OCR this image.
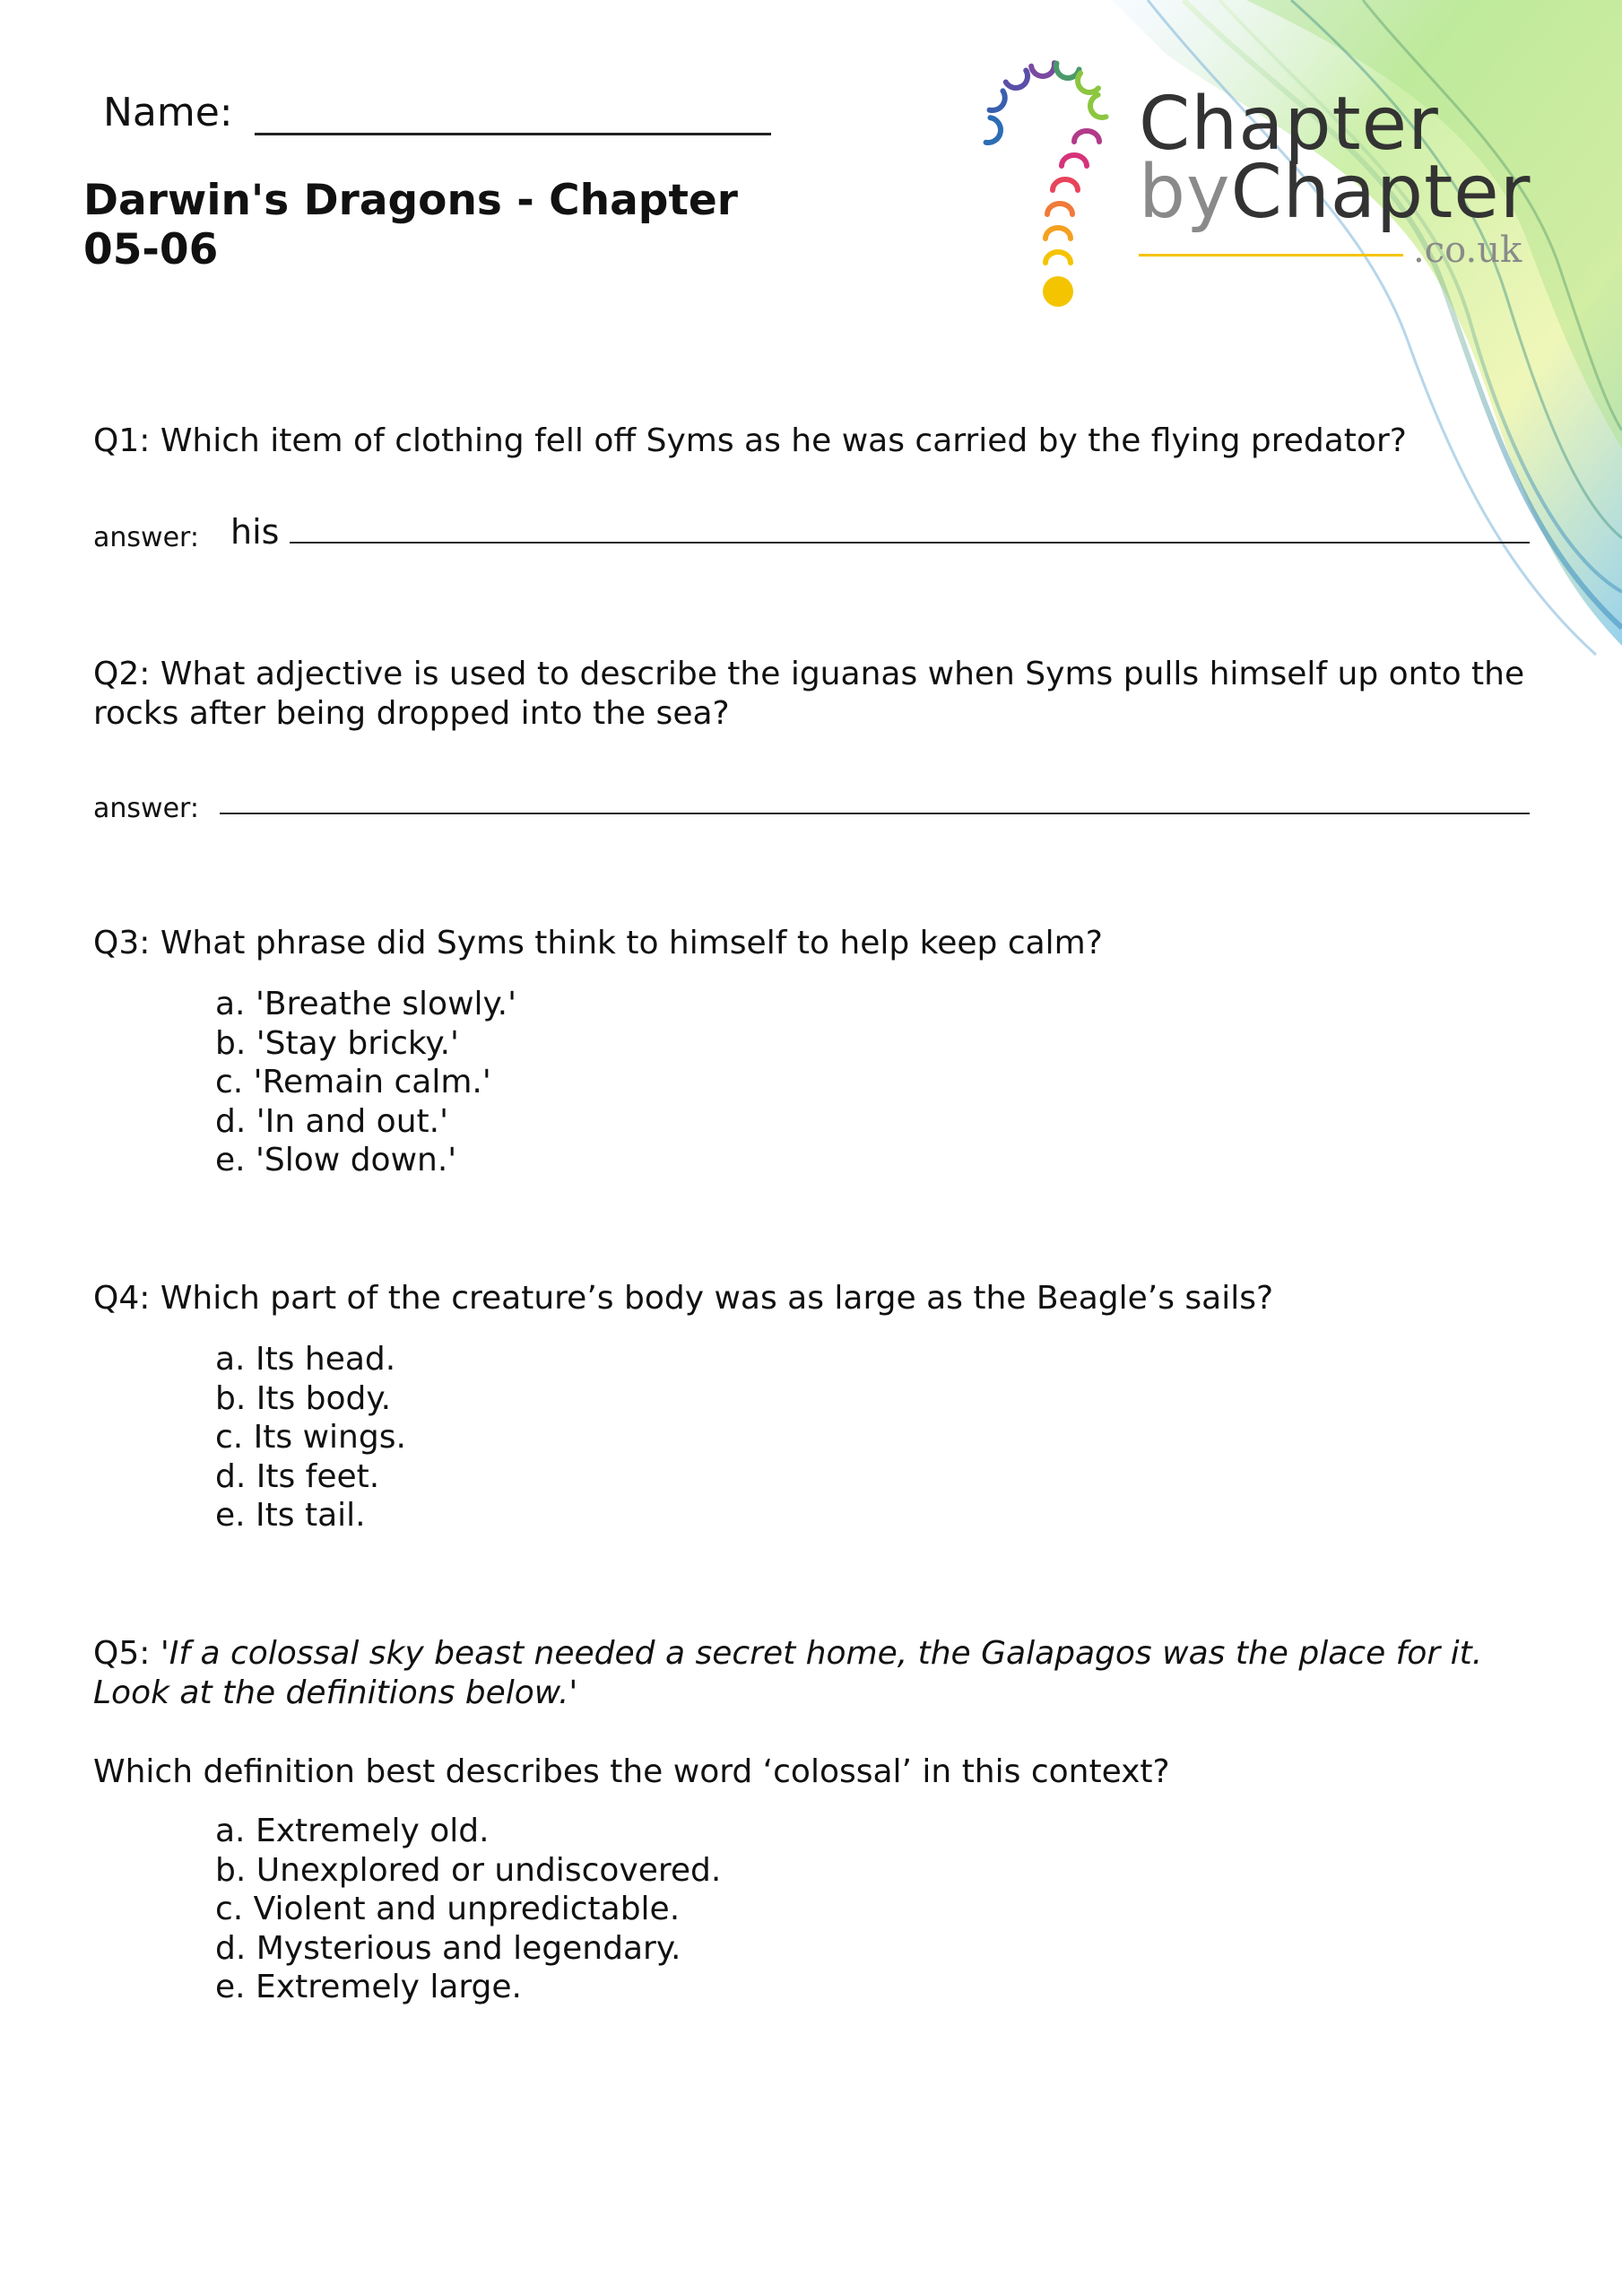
Chapter
byChapter
.co.uk
Name:
Darwin's Dragons - Chapter 05-06
Q1: Which item of clothing fell off Syms as he was carried by the flying predator?
answer: his
Q2: What adjective is used to describe the iguanas when Syms pulls himself up onto the rocks after being dropped into the sea?
answer:
Q3: What phrase did Syms think to himself to help keep calm?
a. 'Breathe slowly.'
b. 'Stay bricky.'
c. 'Remain calm.'
d. 'In and out.'
e. 'Slow down.'
Q4: Which part of the creature’s body was as large as the Beagle’s sails?
a. Its head.
b. Its body.
c. Its wings.
d. Its feet.
e. Its tail.
Q5: 'If a colossal sky beast needed a secret home, the Galapagos was the place for it. Look at the definitions below.'
Which definition best describes the word ‘colossal’ in this context?
a. Extremely old.
b. Unexplored or undiscovered.
c. Violent and unpredictable.
d. Mysterious and legendary.
e. Extremely large.
